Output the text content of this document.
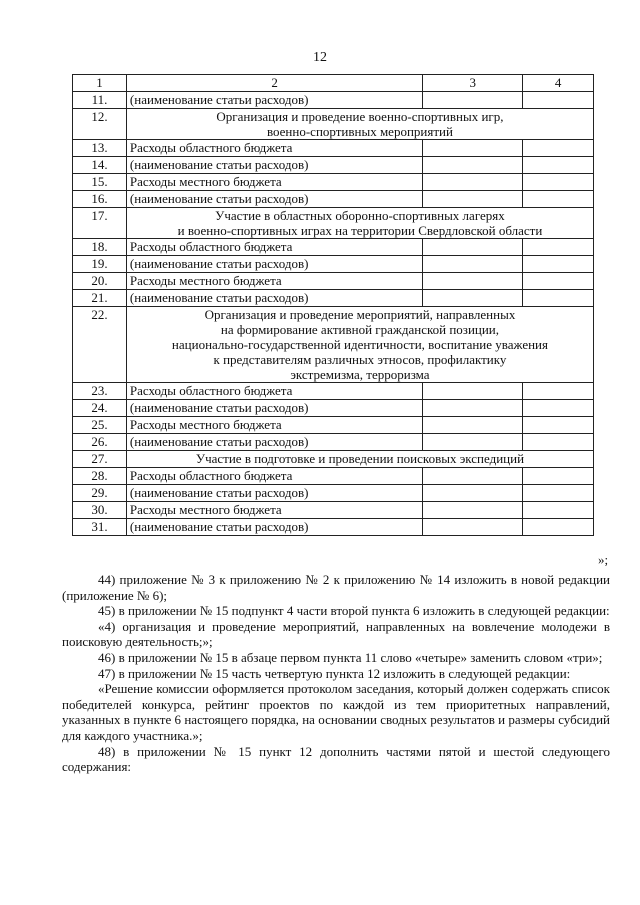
12
1	2	3	4
11.	(наименование статьи расходов)		
12.	Организация и проведение военно-спортивных игр,
военно-спортивных мероприятий		
13.	Расходы областного бюджета		
14.	(наименование статьи расходов)		
15.	Расходы местного бюджета		
16.	(наименование статьи расходов)		
17.	Участие в областных оборонно-спортивных лагерях
и военно-спортивных играх на территории Свердловской области		
18.	Расходы областного бюджета		
19.	(наименование статьи расходов)		
20.	Расходы местного бюджета		
21.	(наименование статьи расходов)		
22.	Организация и проведение мероприятий, направленных
на формирование активной гражданской позиции,
национально-государственной идентичности, воспитание уважения
к представителям различных этносов, профилактику
экстремизма, терроризма		
23.	Расходы областного бюджета		
24.	(наименование статьи расходов)		
25.	Расходы местного бюджета		
26.	(наименование статьи расходов)		
27.	Участие в подготовке и проведении поисковых экспедиций		
28.	Расходы областного бюджета		
29.	(наименование статьи расходов)		
30.	Расходы местного бюджета		
31.	(наименование статьи расходов)		
»;

44) приложение № 3 к приложению № 2 к приложению № 14 изложить в новой редакции (приложение № 6);

45) в приложении № 15 подпункт 4 части второй пункта 6 изложить в следующей редакции:

«4) организация и проведение мероприятий, направленных на вовлечение молодежи в поисковую деятельность;»;

46) в приложении № 15 в абзаце первом пункта 11 слово «четыре» заменить словом «три»;

47) в приложении № 15 часть четвертую пункта 12 изложить в следующей редакции:

«Решение комиссии оформляется протоколом заседания, который должен содержать список победителей конкурса, рейтинг проектов по каждой из тем приоритетных направлений, указанных в пункте 6 настоящего порядка, на основании сводных результатов и размеры субсидий для каждого участника.»;

48) в приложении № 15 пункт 12 дополнить частями пятой и шестой следующего содержания:
